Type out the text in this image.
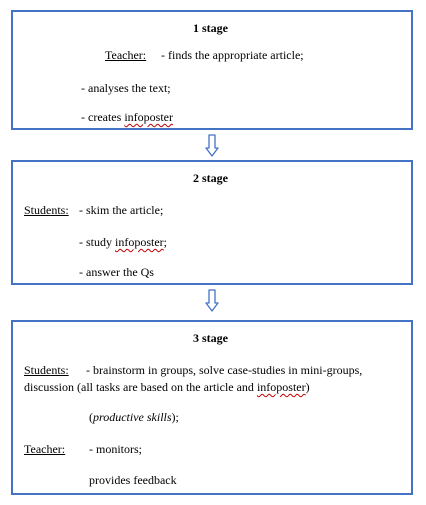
1 stage
Teacher: - finds the appropriate article;
- analyses the text;
- creates infoposter
2 stage
Students: - skim the article;
- study infoposter;
- answer the Qs
3 stage
Students: - brainstorm in groups, solve case-studies in mini-groups,
discussion (all tasks are based on the article and infoposter)
(productive skills);
Teacher: - monitors;
provides feedback
